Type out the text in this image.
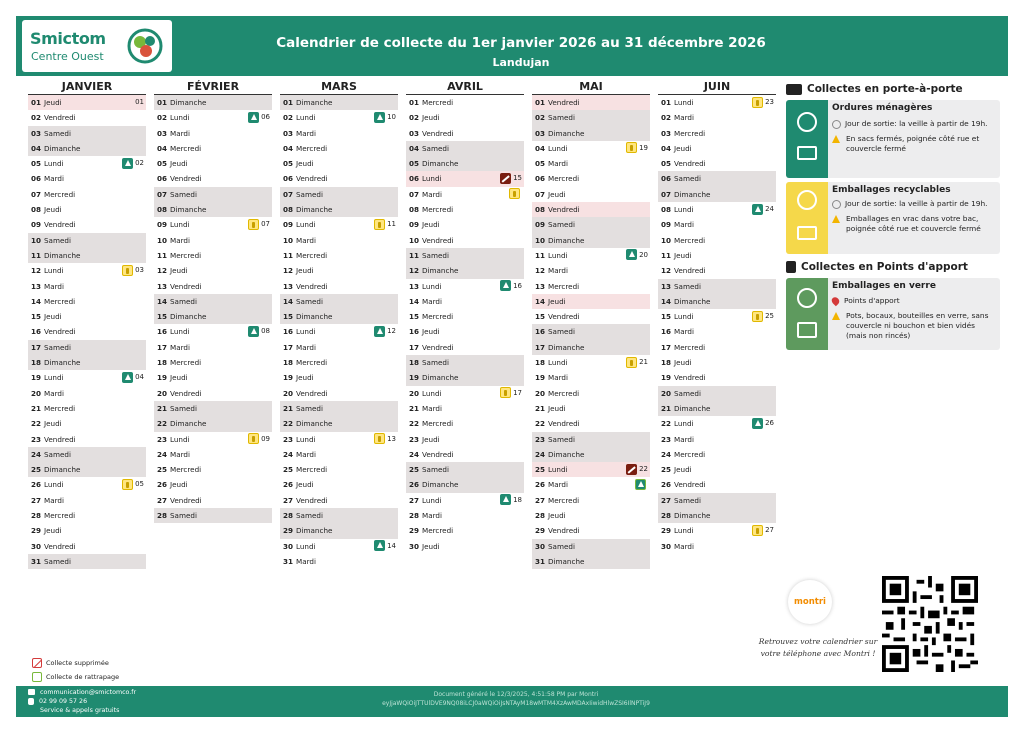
Smictom
Centre Ouest
Calendrier de collecte du 1er janvier 2026 au 31 décembre 2026
Landujan
JANVIER
01 Jeudi	01
02 Vendredi
03 Samedi
04 Dimanche
05 Lundi	02
06 Mardi
07 Mercredi
08 Jeudi
09 Vendredi
10 Samedi
11 Dimanche
12 Lundi	03
13 Mardi
14 Mercredi
15 Jeudi
16 Vendredi
17 Samedi
18 Dimanche
19 Lundi	04
20 Mardi
21 Mercredi
22 Jeudi
23 Vendredi
24 Samedi
25 Dimanche
26 Lundi	05
27 Mardi
28 Mercredi
29 Jeudi
30 Vendredi
31 Samedi
FÉVRIER
01 Dimanche
02 Lundi	06
03 Mardi
04 Mercredi
05 Jeudi
06 Vendredi
07 Samedi
08 Dimanche
09 Lundi	07
10 Mardi
11 Mercredi
12 Jeudi
13 Vendredi
14 Samedi
15 Dimanche
16 Lundi	08
17 Mardi
18 Mercredi
19 Jeudi
20 Vendredi
21 Samedi
22 Dimanche
23 Lundi	09
24 Mardi
25 Mercredi
26 Jeudi
27 Vendredi
28 Samedi
MARS
01 Dimanche
02 Lundi	10
03 Mardi
04 Mercredi
05 Jeudi
06 Vendredi
07 Samedi
08 Dimanche
09 Lundi	11
10 Mardi
11 Mercredi
12 Jeudi
13 Vendredi
14 Samedi
15 Dimanche
16 Lundi	12
17 Mardi
18 Mercredi
19 Jeudi
20 Vendredi
21 Samedi
22 Dimanche
23 Lundi	13
24 Mardi
25 Mercredi
26 Jeudi
27 Vendredi
28 Samedi
29 Dimanche
30 Lundi	14
31 Mardi
AVRIL
01 Mercredi
02 Jeudi
03 Vendredi
04 Samedi
05 Dimanche
06 Lundi	15
07 Mardi
08 Mercredi
09 Jeudi
10 Vendredi
11 Samedi
12 Dimanche
13 Lundi	16
14 Mardi
15 Mercredi
16 Jeudi
17 Vendredi
18 Samedi
19 Dimanche
20 Lundi	17
21 Mardi
22 Mercredi
23 Jeudi
24 Vendredi
25 Samedi
26 Dimanche
27 Lundi	18
28 Mardi
29 Mercredi
30 Jeudi
MAI
01 Vendredi
02 Samedi
03 Dimanche
04 Lundi	19
05 Mardi
06 Mercredi
07 Jeudi
08 Vendredi
09 Samedi
10 Dimanche
11 Lundi	20
12 Mardi
13 Mercredi
14 Jeudi
15 Vendredi
16 Samedi
17 Dimanche
18 Lundi	21
19 Mardi
20 Mercredi
21 Jeudi
22 Vendredi
23 Samedi
24 Dimanche
25 Lundi	22
26 Mardi
27 Mercredi
28 Jeudi
29 Vendredi
30 Samedi
31 Dimanche
JUIN
01 Lundi	23
02 Mardi
03 Mercredi
04 Jeudi
05 Vendredi
06 Samedi
07 Dimanche
08 Lundi	24
09 Mardi
10 Mercredi
11 Jeudi
12 Vendredi
13 Samedi
14 Dimanche
15 Lundi	25
16 Mardi
17 Mercredi
18 Jeudi
19 Vendredi
20 Samedi
21 Dimanche
22 Lundi	26
23 Mardi
24 Mercredi
25 Jeudi
26 Vendredi
27 Samedi
28 Dimanche
29 Lundi	27
30 Mardi
Collectes en porte-à-porte
Ordures ménagères
Jour de sortie: la veille à partir de 19h.
En sacs fermés, poignée côté rue et couvercle fermé
Emballages recyclables
Jour de sortie: la veille à partir de 19h.
Emballages en vrac dans votre bac, poignée côté rue et couvercle fermé
Collectes en Points d'apport
Emballages en verre
Points d'apport
Pots, bocaux, bouteilles en verre, sans couvercle ni bouchon et bien vidés (mais non rincés)
montri
Retrouvez votre calendrier sur votre téléphone avec Montri !
Collecte supprimée
Collecte de rattrapage
communication@smictomco.fr
02 99 09 57 26
Service & appels gratuits
Document généré le 12/3/2025, 4:51:58 PM par Montri
eyJjaWQiOiJTTUlDVE9NQ08iLCJ0aWQiOiJsNTAyM18wMTM4XzAwMDAxIiwidHlwZSI6IlNPTiJ9
